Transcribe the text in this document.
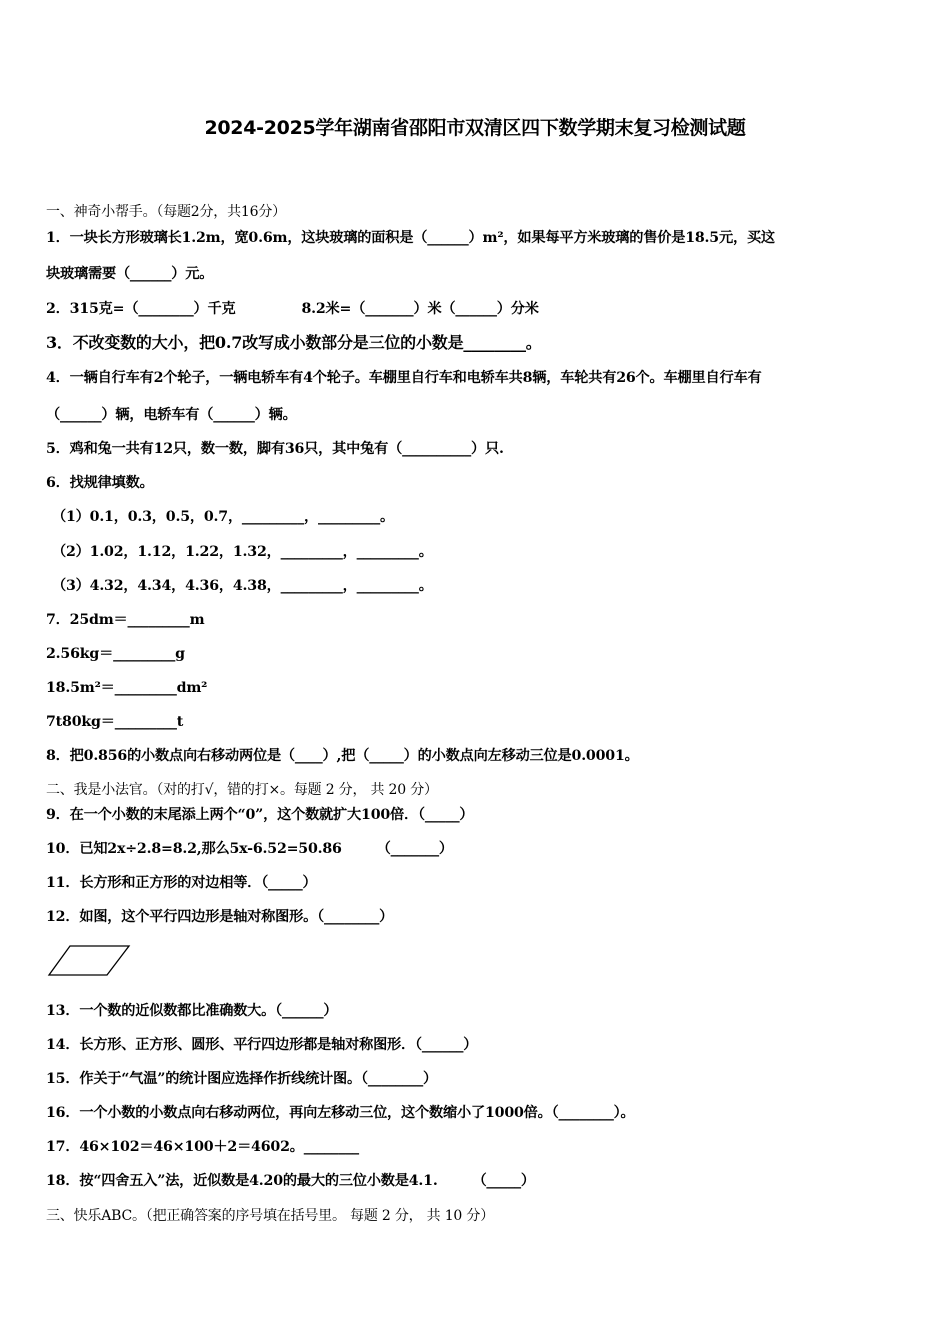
2024-2025学年湖南省邵阳市双清区四下数学期末复习检测试题
一、神奇小帮手。（每题2分，共16分）
1．一块长方形玻璃长1.2m，宽0.6m，这块玻璃的面积是（______）m²，如果每平方米玻璃的售价是18.5元，买这
块玻璃需要（______）元。
2．315克=（________）千克	8.2米=（_______）米（______）分米
3．不改变数的大小，把0.7改写成小数部分是三位的小数是________。
4．一辆自行车有2个轮子，一辆电轿车有4个轮子。车棚里自行车和电轿车共8辆，车轮共有26个。车棚里自行车有
（______）辆，电轿车有（______）辆。
5．鸡和兔一共有12只，数一数，脚有36只，其中兔有（__________）只.
6．找规律填数。
（1）0.1，0.3，0.5，0.7，_________，_________。
（2）1.02，1.12，1.22，1.32，_________，_________。
（3）4.32，4.34，4.36，4.38，_________，_________。
7．25dm＝_________m
2.56kg＝_________g
18.5m²＝_________dm²
7t80kg＝_________t
8．把0.856的小数点向右移动两位是（____）,把（_____）的小数点向左移动三位是0.0001。
二、我是小法官。（对的打√，错的打×。每题 2 分， 共 20 分）
9．在一个小数的末尾添上两个“0”，这个数就扩大100倍．（_____）
10．已知2x÷2.8=8.2,那么5x-6.52=50.86　　　（_______）
11．长方形和正方形的对边相等．（_____）
12．如图，这个平行四边形是轴对称图形。（________）
13．一个数的近似数都比准确数大。（______）
14．长方形、正方形、圆形、平行四边形都是轴对称图形．（______）
15．作关于“气温”的统计图应选择作折线统计图。（________）
16．一个小数的小数点向右移动两位，再向左移动三位，这个数缩小了1000倍。（________）。
17．46×102＝46×100＋2＝4602。________
18．按“四舍五入”法，近似数是4.20的最大的三位小数是4.1.　　　（_____）
三、快乐ABC。（把正确答案的序号填在括号里。 每题 2 分， 共 10 分）
